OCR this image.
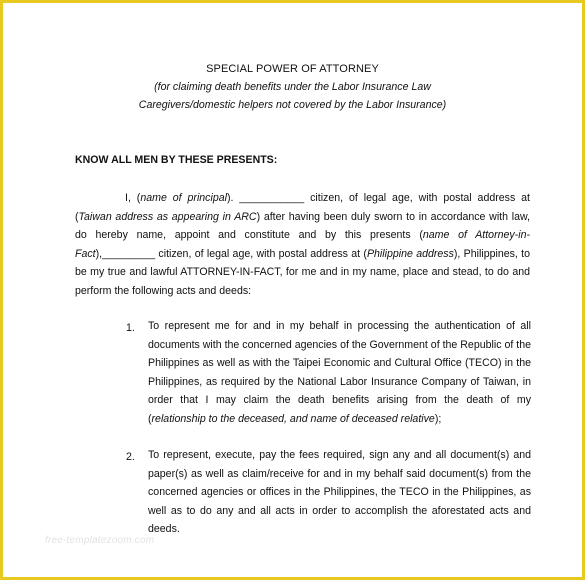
SPECIAL POWER OF ATTORNEY
(for claiming death benefits under the Labor Insurance Law
Caregivers/domestic helpers not covered by the Labor Insurance)
KNOW ALL MEN BY THESE PRESENTS:

I, (name of principal). ___________ citizen, of legal age, with postal address at (Taiwan address as appearing in ARC) after having been duly sworn to in accordance with law, do hereby name, appoint and constitute and by this presents (name of Attorney-in-Fact),_________ citizen, of legal age, with postal address at (Philippine address), Philippines, to be my true and lawful ATTORNEY-IN-FACT, for me and in my name, place and stead, to do and perform the following acts and deeds:

1. To represent me for and in my behalf in processing the authentication of all documents with the concerned agencies of the Government of the Republic of the Philippines as well as with the Taipei Economic and Cultural Office (TECO) in the Philippines, as required by the National Labor Insurance Company of Taiwan, in order that I may claim the death benefits arising from the death of my (relationship to the deceased, and name of deceased relative);
2. To represent, execute, pay the fees required, sign any and all document(s) and paper(s) as well as claim/receive for and in my behalf said document(s) from the concerned agencies or offices in the Philippines, the TECO in the Philippines, as well as to do any and all acts in order to accomplish the aforestated acts and deeds.
free-templatezoom.com
